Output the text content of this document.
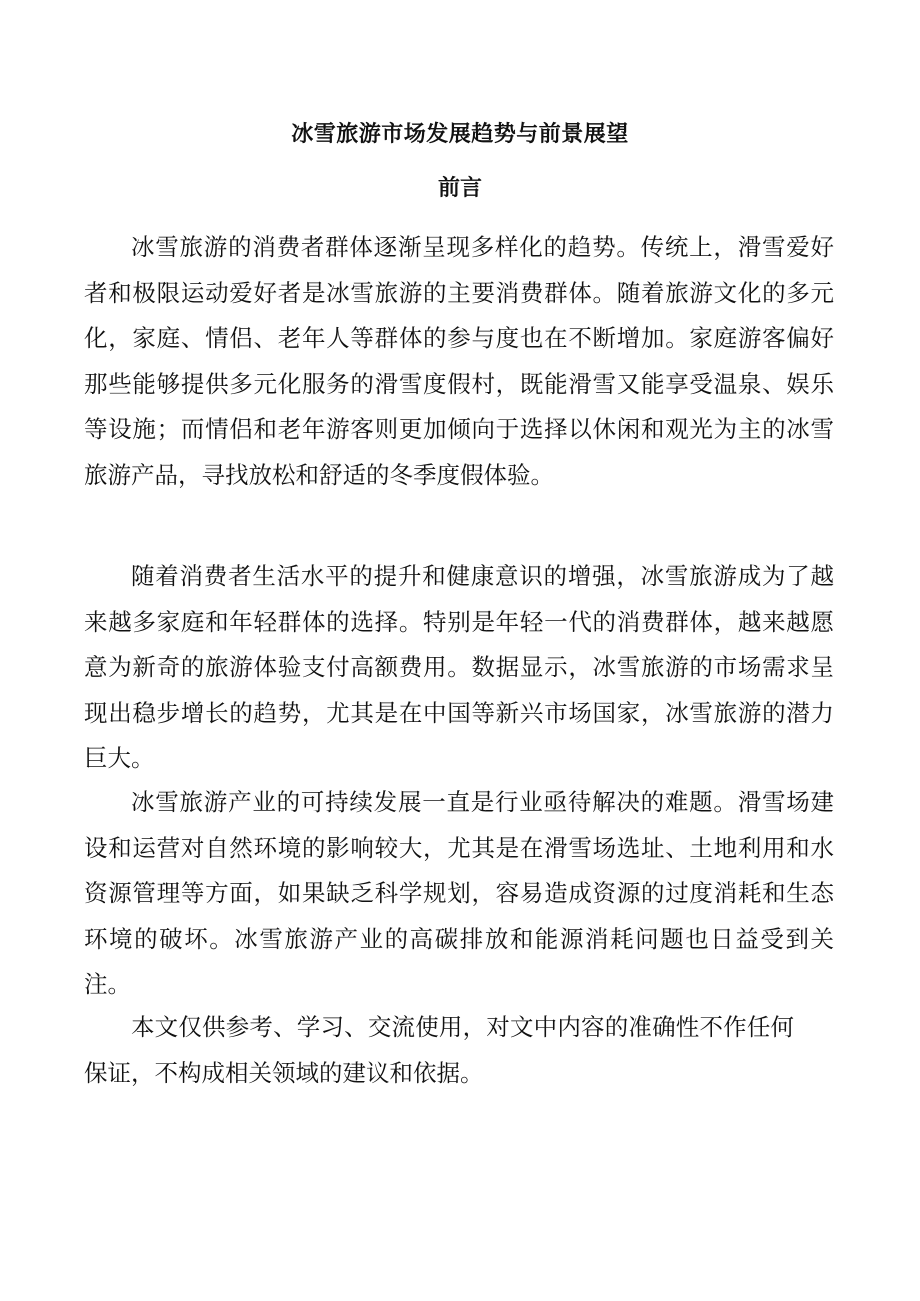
冰雪旅游市场发展趋势与前景展望
前言

冰雪旅游的消费者群体逐渐呈现多样化的趋势。传统上，滑雪爱好者和极限运动爱好者是冰雪旅游的主要消费群体。随着旅游文化的多元化，家庭、情侣、老年人等群体的参与度也在不断增加。家庭游客偏好那些能够提供多元化服务的滑雪度假村，既能滑雪又能享受温泉、娱乐等设施；而情侣和老年游客则更加倾向于选择以休闲和观光为主的冰雪旅游产品，寻找放松和舒适的冬季度假体验。

随着消费者生活水平的提升和健康意识的增强，冰雪旅游成为了越来越多家庭和年轻群体的选择。特别是年轻一代的消费群体，越来越愿意为新奇的旅游体验支付高额费用。数据显示，冰雪旅游的市场需求呈现出稳步增长的趋势，尤其是在中国等新兴市场国家，冰雪旅游的潜力巨大。

冰雪旅游产业的可持续发展一直是行业亟待解决的难题。滑雪场建设和运营对自然环境的影响较大，尤其是在滑雪场选址、土地利用和水资源管理等方面，如果缺乏科学规划，容易造成资源的过度消耗和生态环境的破坏。冰雪旅游产业的高碳排放和能源消耗问题也日益受到关注。

本文仅供参考、学习、交流使用，对文中内容的准确性不作任何保证，不构成相关领域的建议和依据。
